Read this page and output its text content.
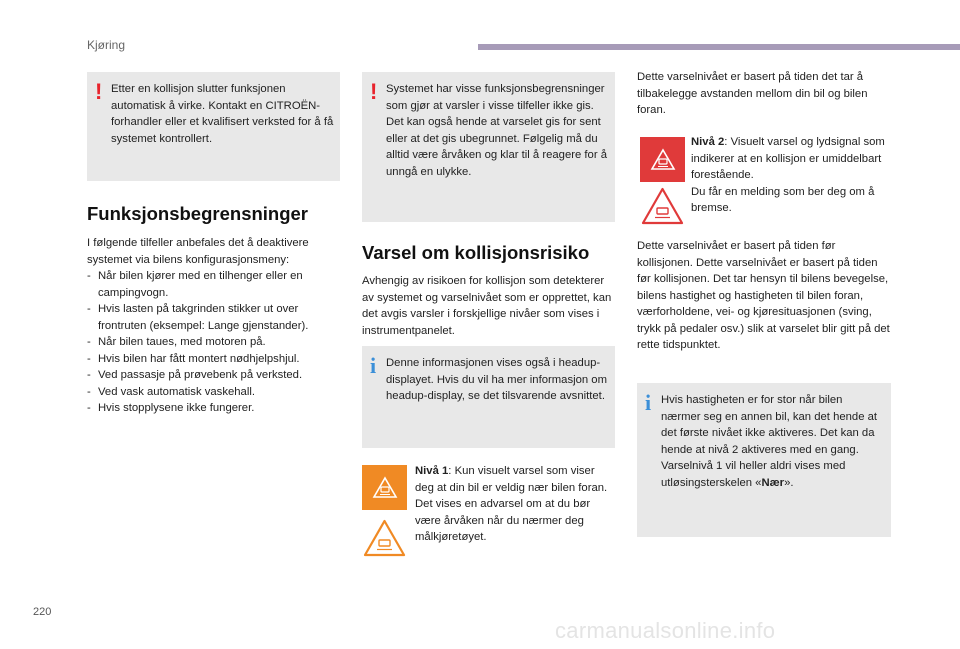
Kjøring
! Etter en kollisjon slutter funksjonen automatisk å virke. Kontakt en CITROËN-forhandler eller et kvalifisert verksted for å få systemet kontrollert.
Funksjonsbegrensninger
I følgende tilfeller anbefales det å deaktivere systemet via bilens konfigurasjonsmeny:
- Når bilen kjører med en tilhenger eller en campingvogn.
- Hvis lasten på takgrinden stikker ut over frontruten (eksempel: Lange gjenstander).
- Når bilen taues, med motoren på.
- Hvis bilen har fått montert nødhjelpshjul.
- Ved passasje på prøvebenk på verksted.
- Ved vask automatisk vaskehall.
- Hvis stopplysene ikke fungerer.
! Systemet har visse funksjonsbegrensninger som gjør at varsler i visse tilfeller ikke gis. Det kan også hende at varselet gis for sent eller at det gis ubegrunnet. Følgelig må du alltid være årvåken og klar til å reagere for å unngå en ulykke.
Varsel om kollisjonsrisiko
Avhengig av risikoen for kollisjon som detekterer av systemet og varselnivået som er opprettet, kan det avgis varsler i forskjellige nivåer som vises i instrumentpanelet.
i Denne informasjonen vises også i headup-displayet. Hvis du vil ha mer informasjon om headup-display, se det tilsvarende avsnittet.
Nivå 1: Kun visuelt varsel som viser deg at din bil er veldig nær bilen foran.
Det vises en advarsel om at du bør være årvåken når du nærmer deg målkjøretøyet.
Dette varselnivået er basert på tiden det tar å tilbakelegge avstanden mellom din bil og bilen foran.
Nivå 2: Visuelt varsel og lydsignal som indikerer at en kollisjon er umiddelbart forestående.
Du får en melding som ber deg om å bremse.
Dette varselnivået er basert på tiden før kollisjonen. Dette varselnivået er basert på tiden før kollisjonen. Det tar hensyn til bilens bevegelse, bilens hastighet og hastigheten til bilen foran, værforholdene, vei- og kjøresituasjonen (sving, trykk på pedaler osv.) slik at varselet blir gitt på det rette tidspunktet.
i Hvis hastigheten er for stor når bilen nærmer seg en annen bil, kan det hende at det første nivået ikke aktiveres. Det kan da hende at nivå 2 aktiveres med en gang. Varselnivå 1 vil heller aldri vises med utløsingsterskelen «Nær».
220
carmanualsonline.info
